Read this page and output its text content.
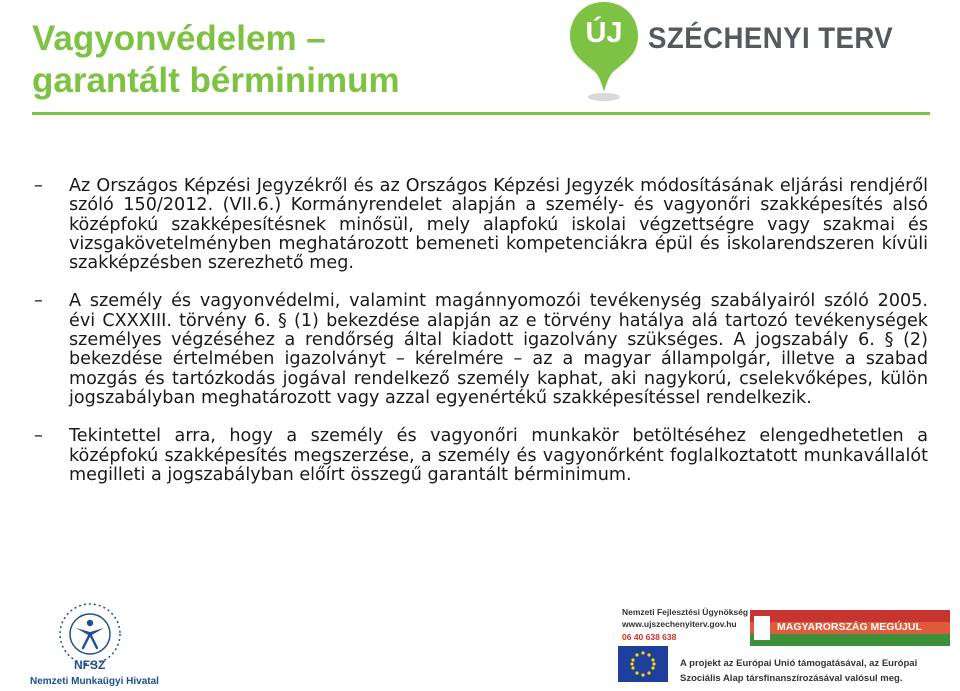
Vagyonvédelem –
garantált bérminimum
ÚJ SZÉCHENYI TERV
–	Az Országos Képzési Jegyzékről és az Országos Képzési Jegyzék módosításának eljárási rendjéről szóló 150/2012. (VII.6.) Kormányrendelet alapján a személy- és vagyonőri szakképesítés alsó középfokú szakképesítésnek minősül, mely alapfokú iskolai végzettségre vagy szakmai és vizsgakövetelményben meghatározott bemeneti kompetenciákra épül és iskolarendszeren kívüli szakképzésben szerezhető meg.
–	A személy és vagyonvédelmi, valamint magánnyomozói tevékenység szabályairól szóló 2005. évi CXXXIII. törvény 6. § (1) bekezdése alapján az e törvény hatálya alá tartozó tevékenységek személyes végzéséhez a rendőrség által kiadott igazolvány szükséges. A jogszabály 6. § (2) bekezdése értelmében igazolványt – kérelmére – az a magyar állampolgár, illetve a szabad mozgás és tartózkodás jogával rendelkező személy kaphat, aki nagykorú, cselekvőképes, külön jogszabályban meghatározott vagy azzal egyenértékű szakképesítéssel rendelkezik.
–	Tekintettel arra, hogy a személy és vagyonőri munkakör betöltéséhez elengedhetetlen a középfokú szakképesítés megszerzése, a személy és vagyonőrként foglalkoztatott munkavállalót megilleti a jogszabályban előírt összegű garantált bérminimum.
NFSZ
Nemzeti Munkaügyi Hivatal
Nemzeti Fejlesztési Ügynökség
www.ujszechenyiterv.gov.hu
06 40 638 638
MAGYARORSZÁG MEGÚJUL
A projekt az Európai Unió támogatásával, az Európai
Szociális Alap társfinanszírozásával valósul meg.
